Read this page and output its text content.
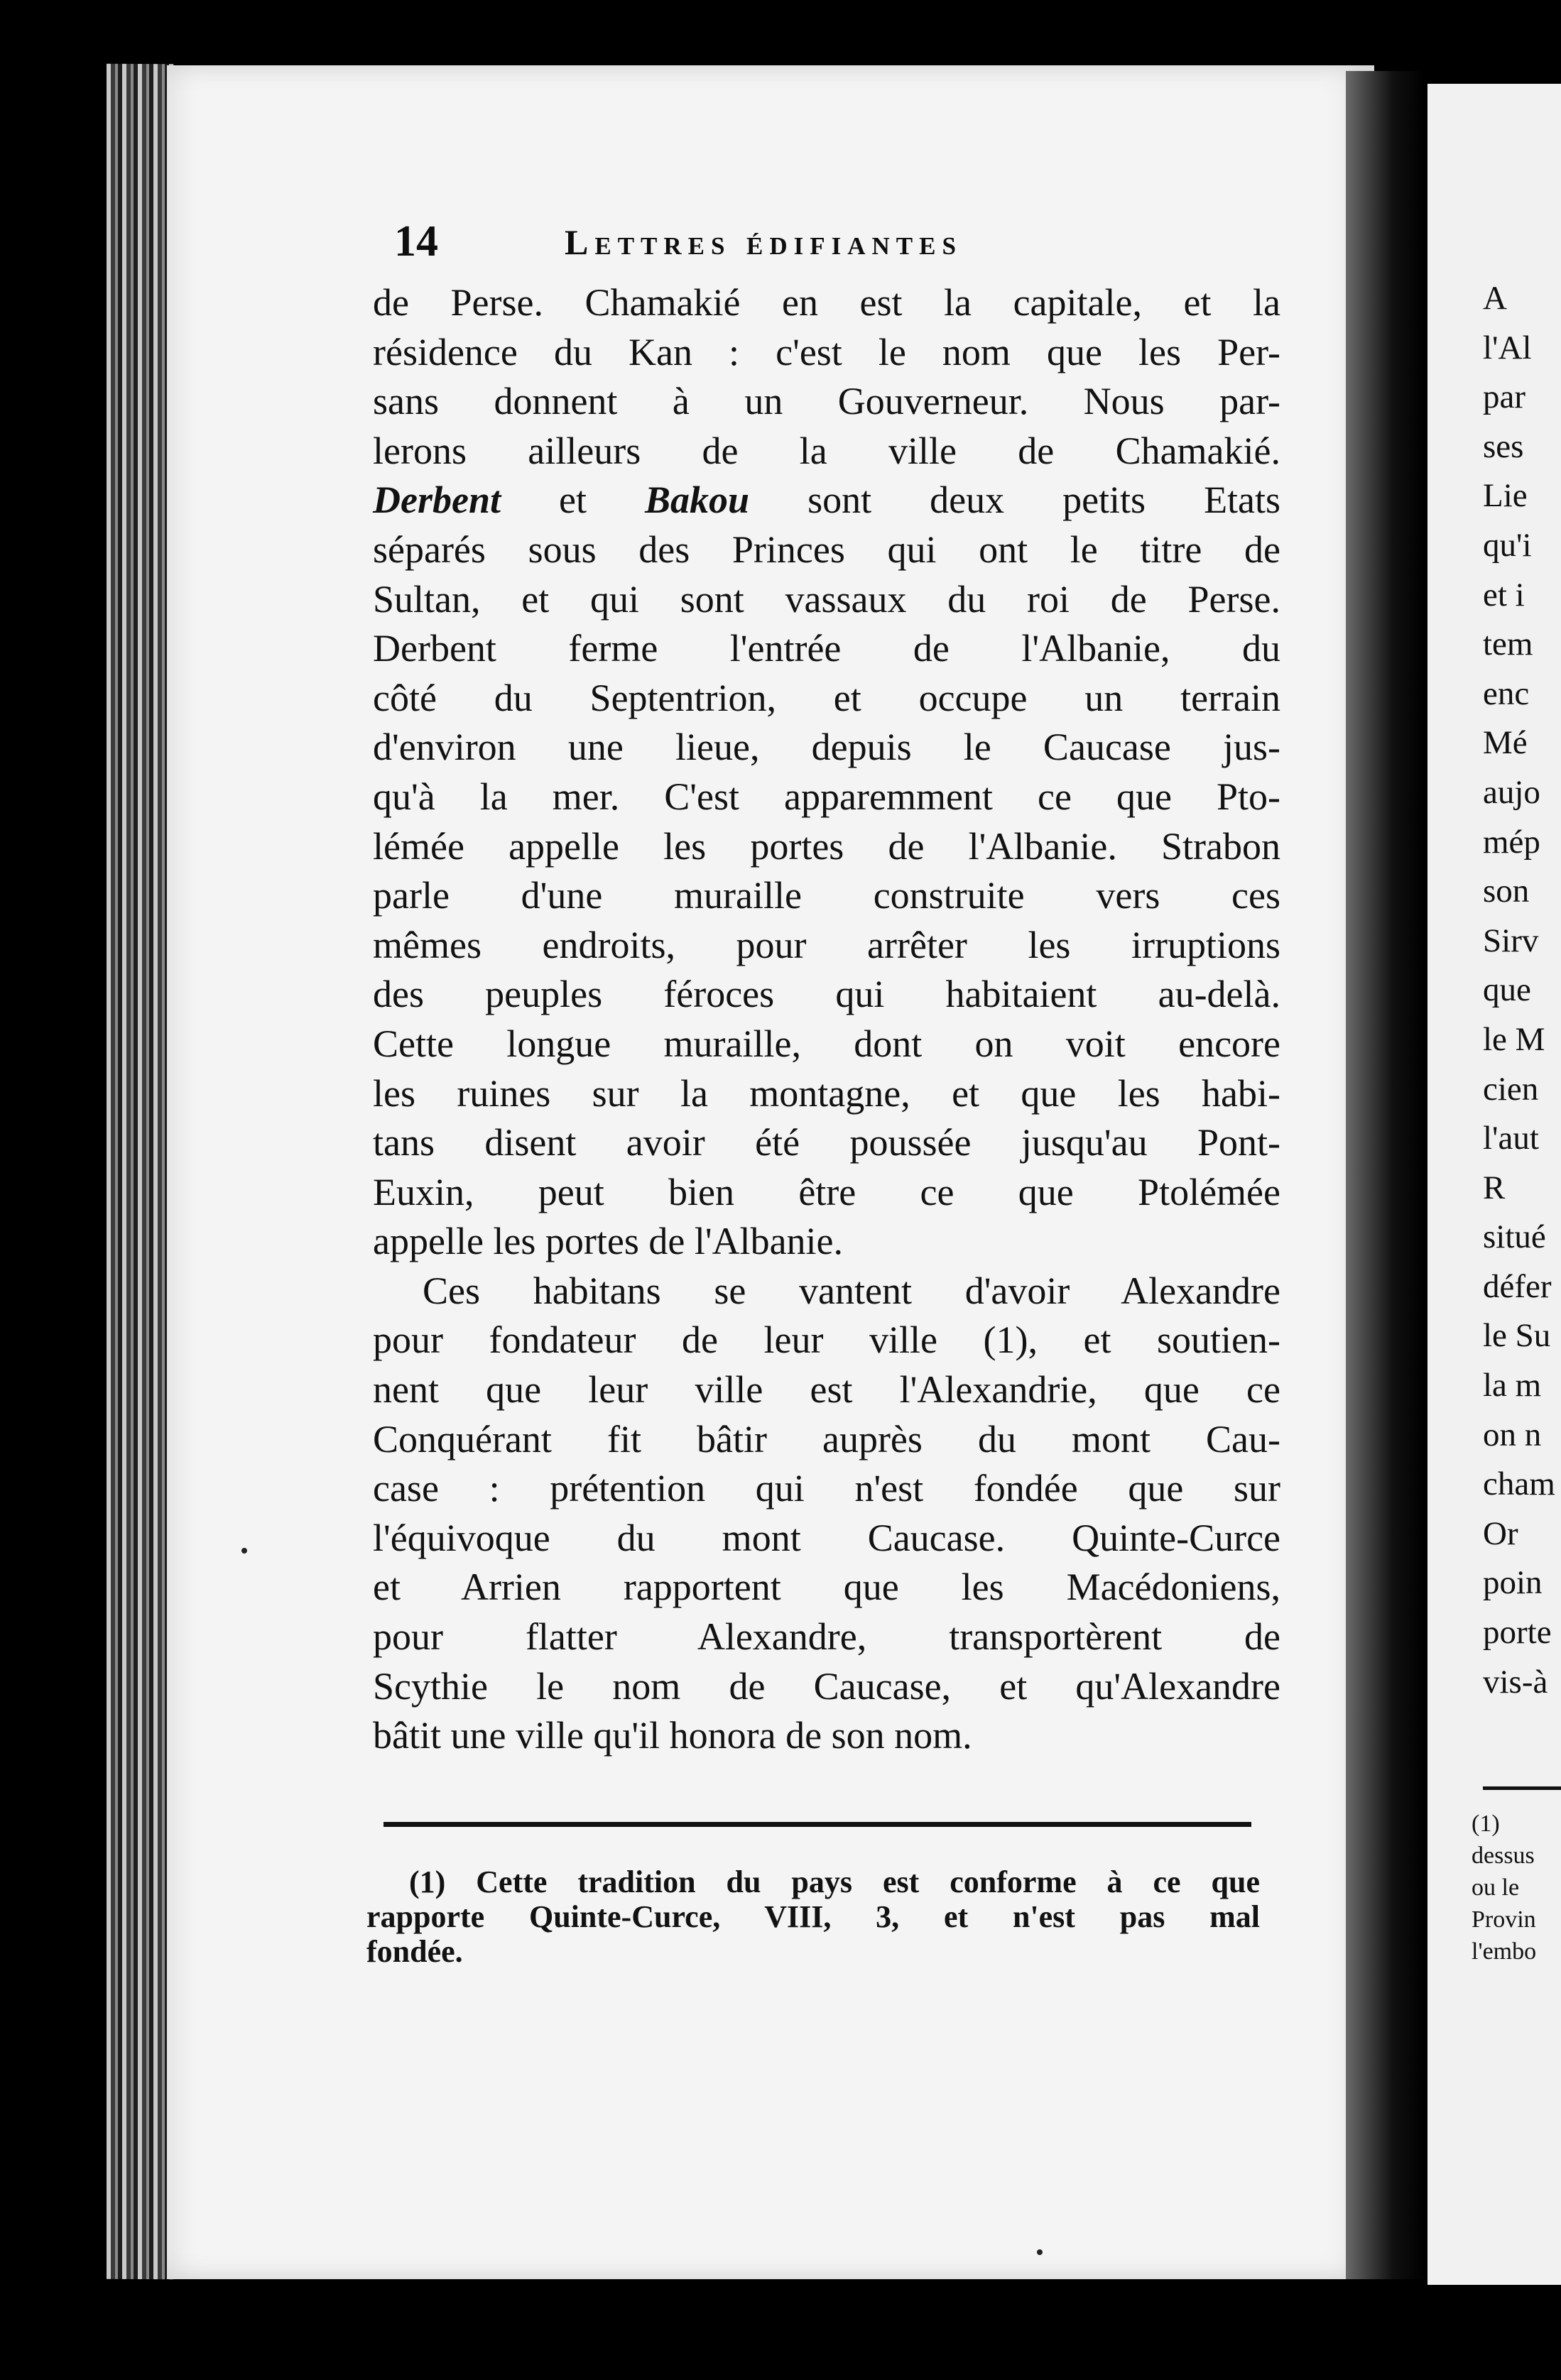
A
l'Al
par
ses
Lie
qu'i
et i
tem
enc
Mé
aujo
mép
son
Sirv
que
le M
cien
l'aut
R
situé
défer
le Su
la m
on n
cham
Or
poin
porte
vis-à
(1)
dessus
ou le
Provin
l'embo
14	Lettres édifiantes
de Perse. Chamakié en est la capitale, et la
résidence du Kan : c'est le nom que les Per-
sans donnent à un Gouverneur. Nous par-
lerons ailleurs de la ville de Chamakié.
Derbent et Bakou sont deux petits Etats
séparés sous des Princes qui ont le titre de
Sultan, et qui sont vassaux du roi de Perse.
Derbent ferme l'entrée de l'Albanie, du
côté du Septentrion, et occupe un terrain
d'environ une lieue, depuis le Caucase jus-
qu'à la mer. C'est apparemment ce que Pto-
lémée appelle les portes de l'Albanie. Strabon
parle d'une muraille construite vers ces
mêmes endroits, pour arrêter les irruptions
des peuples féroces qui habitaient au-delà.
Cette longue muraille, dont on voit encore
les ruines sur la montagne, et que les habi-
tans disent avoir été poussée jusqu'au Pont-
Euxin, peut bien être ce que Ptolémée
appelle les portes de l'Albanie.
Ces habitans se vantent d'avoir Alexandre
pour fondateur de leur ville (1), et soutien-
nent que leur ville est l'Alexandrie, que ce
Conquérant fit bâtir auprès du mont Cau-
case : prétention qui n'est fondée que sur
l'équivoque du mont Caucase. Quinte-Curce
et Arrien rapportent que les Macédoniens,
pour flatter Alexandre, transportèrent de
Scythie le nom de Caucase, et qu'Alexandre
bâtit une ville qu'il honora de son nom.
(1) Cette tradition du pays est conforme à ce que
rapporte Quinte-Curce, VIII, 3, et n'est pas mal
fondée.
